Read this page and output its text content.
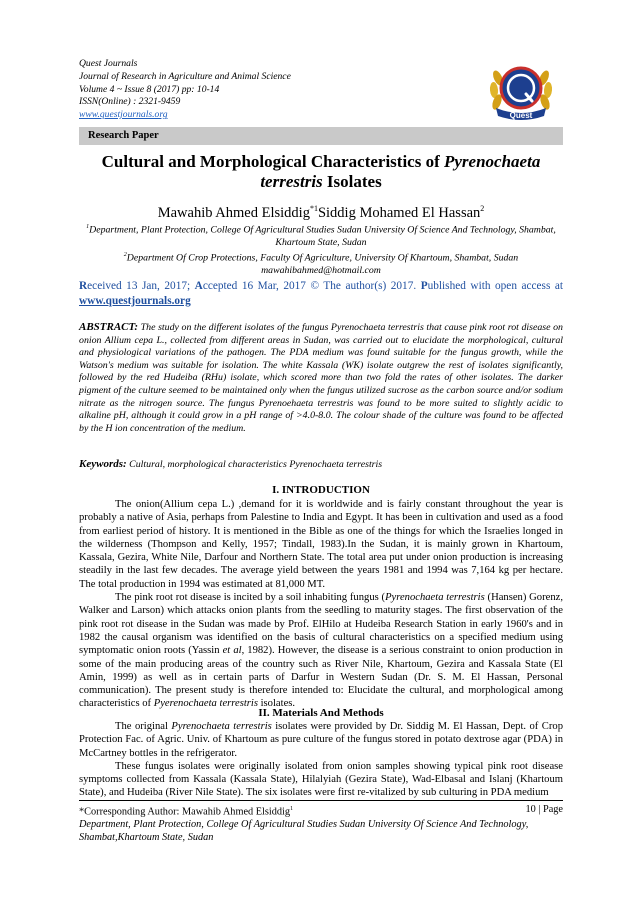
Quest Journals
Journal of Research in Agriculture and Animal Science
Volume 4 ~ Issue 8 (2017) pp: 10-14
ISSN(Online) : 2321-9459
www.questjournals.org	Quest
Research Paper
Cultural and Morphological Characteristics of Pyrenochaeta terrestris Isolates
Mawahib Ahmed Elsiddig$^{*1}$Siddig Mohamed El Hassan$^2$
$^1$Department, Plant Protection, College Of Agricultural Studies Sudan University Of Science And Technology, Shambat, Khartoum State, Sudan
$^2$Department Of Crop Protections, Faculty Of Agriculture, University Of Khartoum, Shambat, Sudan
mawahibahmed@hotmail.com
Received 13 Jan, 2017; Accepted 16 Mar, 2017 © The author(s) 2017. Published with open access at www.questjournals.org
ABSTRACT: The study on the different isolates of the fungus Pyrenochaeta terrestris that cause pink root rot disease on onion Allium cepa L., collected from different areas in Sudan, was carried out to elucidate the morphological, cultural and physiological variations of the pathogen. The PDA medium was found suitable for the fungus growth, while the Watson's medium was suitable for isolation. The white Kassala (WK) isolate outgrew the rest of isolates significantly, followed by the red Hudeiba (RHu) isolate, which scored more than two fold the rates of other isolates. The darker pigment of the culture seemed to be maintained only when the fungus utilized sucrose as the carbon source and/or sodium nitrate as the nitrogen source. The fungus Pyrenoehaeta terrestris was found to be more suited to slightly acidic to alkaline pH, although it could grow in a pH range of >4.0-8.0. The colour shade of the culture was found to be affected by the H ion concentration of the medium.
Keywords: Cultural, morphological characteristics Pyrenochaeta terrestris
I. INTRODUCTION

The onion(Allium cepa L.) ,demand for it is worldwide and is fairly constant throughout the year is probably a native of Asia, perhaps from Palestine to India and Egypt. It has been in cultivation and used as a food from earliest period of history. It is mentioned in the Bible as one of the things for which the Israelies longed in the wilderness (Thompson and Kelly, 1957; Tindall, 1983).In the Sudan, it is mainly grown in Khartoum, Kassala, Gezira, White Nile, Darfour and Northern State. The total area put under onion production is increasing steadily in the last few decades. The average yield between the years 1981 and 1994 was 7,164 kg per hectare. The total production in 1994 was estimated at 81,000 MT.

The pink root rot disease is incited by a soil inhabiting fungus (Pyrenochaeta terrestris (Hansen) Gorenz, Walker and Larson) which attacks onion plants from the seedling to maturity stages. The first observation of the pink root rot disease in the Sudan was made by Prof. ElHilo at Hudeiba Research Station in early 1960's and in 1982 the causal organism was identified on the basis of cultural characteristics on a specified medium using symptomatic onion roots (Yassin et al, 1982). However, the disease is a serious constraint to onion production in some of the main producing areas of the country such as River Nile, Khartoum, Gezira and Kassala State (El Amin, 1999) as well as in certain parts of Darfur in Western Sudan (Dr. S. M. El Hassan, Personal communication). The present study is therefore intended to: Elucidate the cultural, and morphological among characteristics of Pyerenochaeta terrestris isolates.

II. Materials And Methods

The original Pyrenochaeta terrestris isolates were provided by Dr. Siddig M. El Hassan, Dept. of Crop Protection Fac. of Agric. Univ. of Khartoum as pure culture of the fungus stored in potato dextrose agar (PDA) in McCartney bottles in the refrigerator.

These fungus isolates were originally isolated from onion samples showing typical pink root disease symptoms collected from Kassala (Kassala State), Hilalyiah (Gezira State), Wad-Elbasal and Islanj (Khartoum State), and Hudeiba (River Nile State). The six isolates were first re-vitalized by sub culturing in PDA medium

*Corresponding Author: Mawahib Ahmed Elsiddig$^1$	10 | Page
Department, Plant Protection, College Of Agricultural Studies Sudan University Of Science And Technology, Shambat,Khartoum State, Sudan
